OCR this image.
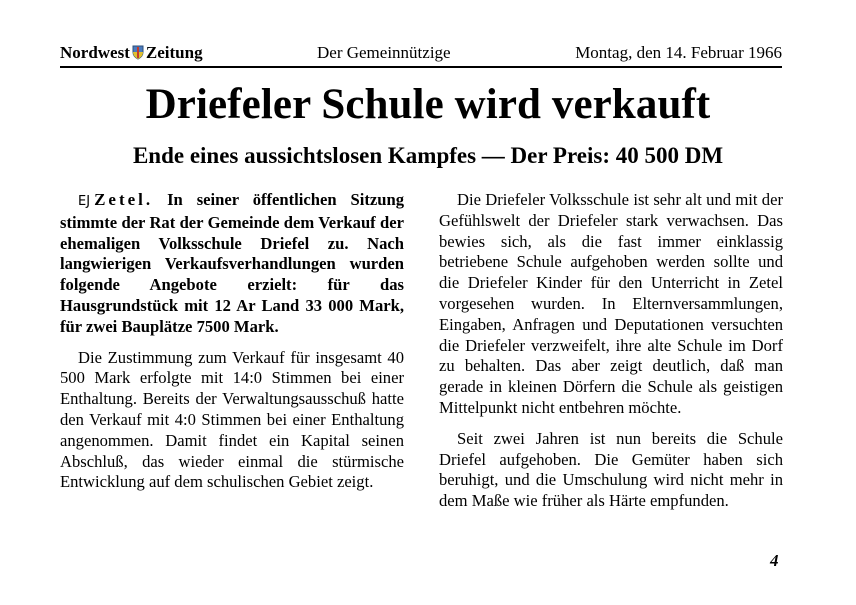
Nordwest Zeitung	Der Gemeinnützige	Montag, den 14. Februar 1966
Driefeler Schule wird verkauft
Ende eines aussichtslosen Kampfes — Der Preis: 40 500 DM

EJ Zetel. In seiner öffentlichen Sitzung stimmte der Rat der Gemeinde dem Verkauf der ehemaligen Volksschule Driefel zu. Nach langwierigen Verkaufsverhandlungen wurden folgende Angebote erzielt: für das Hausgrundstück mit 12 Ar Land 33 000 Mark, für zwei Bauplätze 7500 Mark.

Die Zustimmung zum Verkauf für insgesamt 40 500 Mark erfolgte mit 14:0 Stimmen bei einer Enthaltung. Bereits der Verwaltungsausschuß hatte den Verkauf mit 4:0 Stimmen bei einer Enthaltung angenommen. Damit findet ein Kapital seinen Abschluß, das wieder einmal die stürmische Entwicklung auf dem schulischen Gebiet zeigt.

Die Driefeler Volksschule ist sehr alt und mit der Gefühlswelt der Driefeler stark verwachsen. Das bewies sich, als die fast immer einklassig betriebene Schule aufgehoben werden sollte und die Driefeler Kinder für den Unterricht in Zetel vorgesehen wurden. In Elternversammlungen, Eingaben, Anfragen und Deputationen versuchten die Driefeler verzweifelt, ihre alte Schule im Dorf zu behalten. Das aber zeigt deutlich, daß man gerade in kleinen Dörfern die Schule als geistigen Mittelpunkt nicht entbehren möchte.

Seit zwei Jahren ist nun bereits die Schule Driefel aufgehoben. Die Gemüter haben sich beruhigt, und die Umschulung wird nicht mehr in dem Maße wie früher als Härte empfunden.

4
